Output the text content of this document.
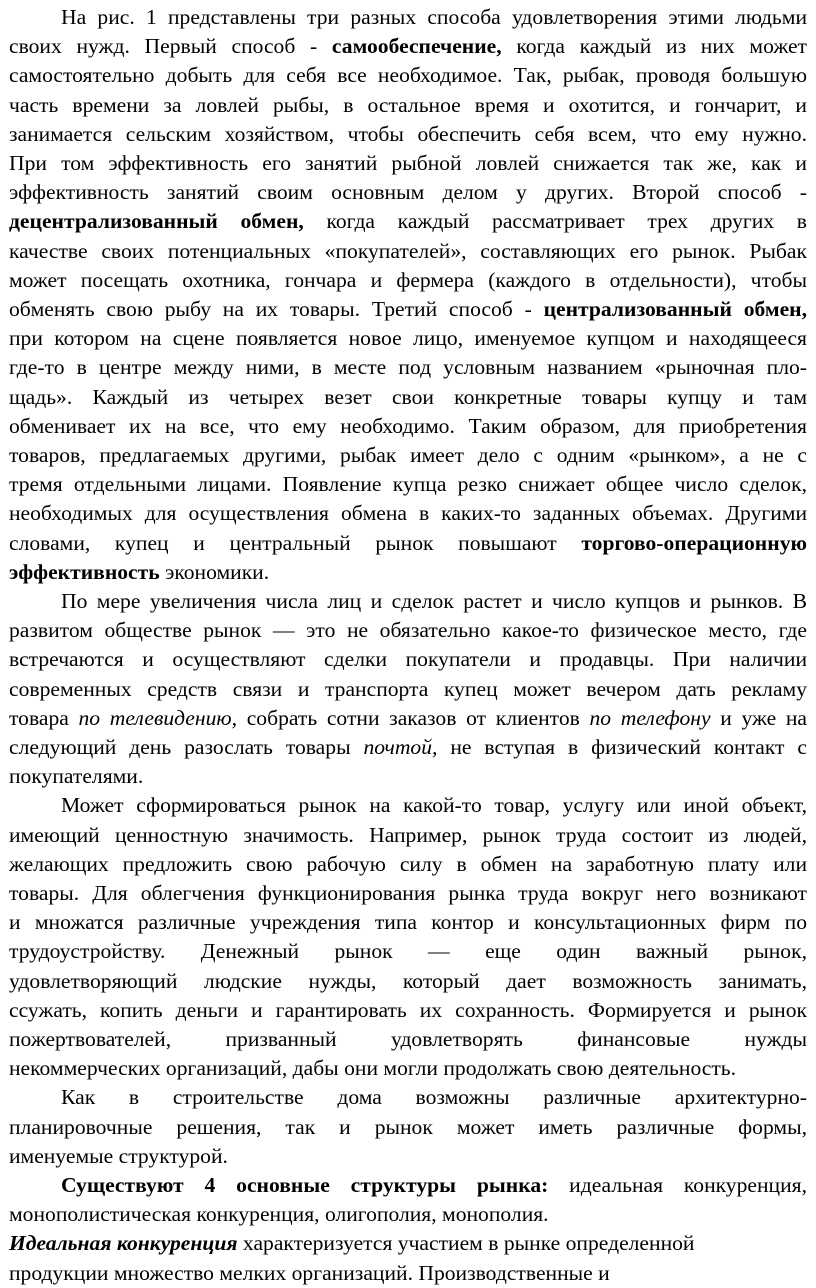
На рис. 1 представлены три разных способа удовлетворения этими людьми
своих нужд. Первый способ - самообеспечение, когда каждый из них может
самостоятельно добыть для себя все необходимое. Так, рыбак, проводя большую
часть времени за ловлей рыбы, в остальное время и охотится, и гончарит, и
занимается сельским хозяйством, чтобы обеспечить себя всем, что ему нужно.
При том эффективность его занятий рыбной ловлей снижается так же, как и
эффективность занятий своим основным делом у других. Второй способ -
децентрализованный обмен, когда каждый рассматривает трех других в
качестве своих потенциальных «покупателей», составляющих его рынок. Рыбак
может посещать охотника, гончара и фермера (каждого в отдельности), чтобы
обменять свою рыбу на их товары. Третий способ - централизованный обмен,
при котором на сцене появляется новое лицо, именуемое купцом и находящееся
где-то в центре между ними, в месте под условным названием «рыночная пло-
щадь». Каждый из четырех везет свои конкретные товары купцу и там
обменивает их на все, что ему необходимо. Таким образом, для приобретения
товаров, предлагаемых другими, рыбак имеет дело с одним «рынком», а не с
тремя отдельными лицами. Появление купца резко снижает общее число сделок,
необходимых для осуществления обмена в каких-то заданных объемах. Другими
словами, купец и центральный рынок повышают торгово-операционную
эффективность экономики.
По мере увеличения числа лиц и сделок растет и число купцов и рынков. В
развитом обществе рынок — это не обязательно какое-то физическое место, где
встречаются и осуществляют сделки покупатели и продавцы. При наличии
современных средств связи и транспорта купец может вечером дать рекламу
товара по телевидению, собрать сотни заказов от клиентов по телефону и уже на
следующий день разослать товары почтой, не вступая в физический контакт с
покупателями.
Может сформироваться рынок на какой-то товар, услугу или иной объект,
имеющий ценностную значимость. Например, рынок труда состоит из людей,
желающих предложить свою рабочую силу в обмен на заработную плату или
товары. Для облегчения функционирования рынка труда вокруг него возникают
и множатся различные учреждения типа контор и консультационных фирм по
трудоустройству. Денежный рынок — еще один важный рынок,
удовлетворяющий людские нужды, который дает возможность занимать,
ссужать, копить деньги и гарантировать их сохранность. Формируется и рынок
пожертвователей, призванный удовлетворять финансовые нужды
некоммерческих организаций, дабы они могли продолжать свою деятельность.
Как в строительстве дома возможны различные архитектурно-
планировочные решения, так и рынок может иметь различные формы,
именуемые структурой.
Существуют 4 основные структуры рынка: идеальная конкуренция,
монополистическая конкуренция, олигополия, монополия.
Идеальная конкуренция характеризуется участием в рынке определенной
продукции множество мелких организаций. Производственные и
